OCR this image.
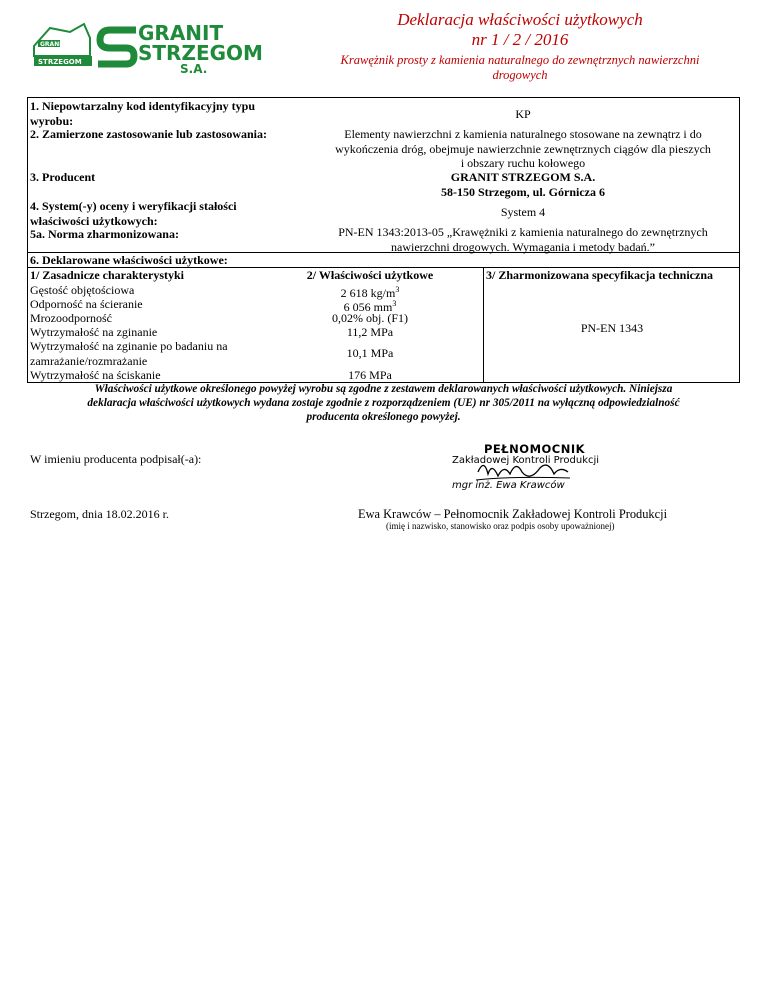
GRANIT
STRZEGOM
GRANIT
STRZEGOM
S.A.
Deklaracja właściwości użytkowych
nr 1 / 2 / 2016
Krawężnik prosty z kamienia naturalnego do zewnętrznych nawierzchni
drogowych
1. Niepowtarzalny kod identyfikacyjny typu
wyrobu:	KP
2. Zamierzone zastosowanie lub zastosowania:	Elementy nawierzchni z kamienia naturalnego stosowane na zewnątrz i do
wykończenia dróg, obejmuje nawierzchnie zewnętrznych ciągów dla pieszych
i obszary ruchu kołowego
3. Producent	GRANIT STRZEGOM S.A.
58-150 Strzegom, ul. Górnicza 6
4. System(-y) oceny i weryfikacji stałości
właściwości użytkowych:
System 4
5a. Norma zharmonizowana:	PN-EN 1343:2013-05 „Krawężniki z kamienia naturalnego do zewnętrznych
nawierzchni drogowych. Wymagania i metody badań.”
6. Deklarowane właściwości użytkowe:
1/ Zasadnicze charakterystyki	2/ Właściwości użytkowe	3/ Zharmonizowana specyfikacja techniczna
Gęstość objętościowa	2 618 $kg/m^3$
Odporność na ścieranie	6 056 $mm^3$
Mrozoodporność	0,02% obj. (F1)
Wytrzymałość na zginanie	11,2 MPa
Wytrzymałość na zginanie po badaniu na
zamrażanie/rozmrażanie
10,1 MPa
Wytrzymałość na ściskanie	176 MPa
PN-EN 1343
Właściwości użytkowe określonego powyżej wyrobu są zgodne z zestawem deklarowanych właściwości użytkowych. Niniejsza
deklaracja właściwości użytkowych wydana zostaje zgodnie z rozporządzeniem (UE) nr 305/2011 na wyłączną odpowiedzialność
producenta określonego powyżej.
W imieniu producenta podpisał(-a):
Strzegom, dnia 18.02.2016 r.
PEŁNOMOCNIK
Zakładowej Kontroli Produkcji
mgr inż. Ewa Krawców
Ewa Krawców – Pełnomocnik Zakładowej Kontroli Produkcji
(imię i nazwisko, stanowisko oraz podpis osoby upoważnionej)
